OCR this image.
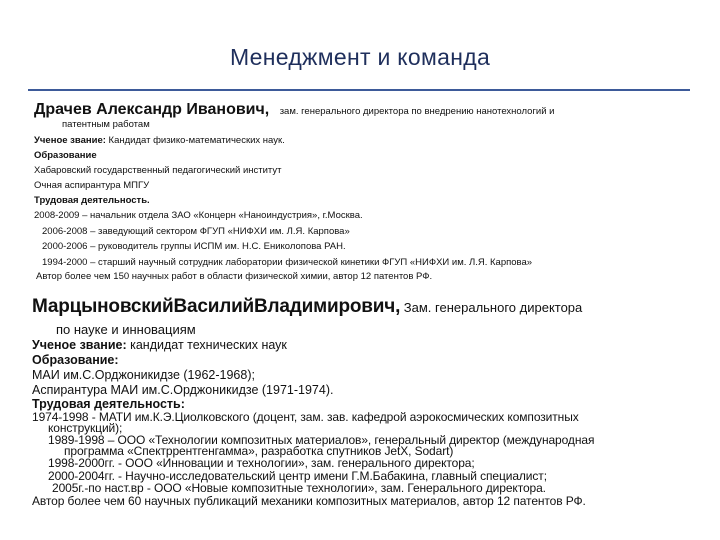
Менеджмент и команда
Драчев Александр Иванович, зам. генерального директора по внедрению нанотехнологий и
патентным работам
Ученое звание: Кандидат физико-математических наук.
Образование
Хабаровский государственный педагогический институт
Очная аспирантура МПГУ
Трудовая деятельность.
2008-2009 – начальник отдела ЗАО «Концерн «Наноиндустрия», г.Москва.
2006-2008 – заведующий сектором ФГУП «НИФХИ им. Л.Я. Карпова»
2000-2006 – руководитель группы ИСПМ им. Н.С. Ениколопова РАН.
1994-2000 – старший научный сотрудник лаборатории физической кинетики ФГУП «НИФХИ им. Л.Я. Карпова»
Автор более чем 150 научных работ в области физической химии, автор 12 патентов РФ.
МарцыновскийВасилийВладимирович, Зам. генерального директора
по науке и инновациям
Ученое звание: кандидат технических наук
Образование:
МАИ им.С.Орджоникидзе (1962-1968);
Аспирантура МАИ им.С.Орджоникидзе (1971-1974).
Трудовая деятельность:
1974-1998 - МАТИ им.К.Э.Циолковского (доцент, зам. зав. кафедрой аэрокосмических композитных
конструкций);
1989-1998 – ООО «Технологии композитных материалов», генеральный директор (международная
программа «Спектррентгенгамма», разработка спутников JetX, Sodart)
1998-2000гг. - ООО «Инновации и технологии», зам. генерального директора;
2000-2004гг. - Научно-исследовательский центр имени Г.М.Бабакина, главный специалист;
2005г.-по наст.вр - ООО «Новые композитные технологии», зам. Генерального директора.
Автор более чем 60 научных публикаций механики композитных материалов, автор 12 патентов РФ.
